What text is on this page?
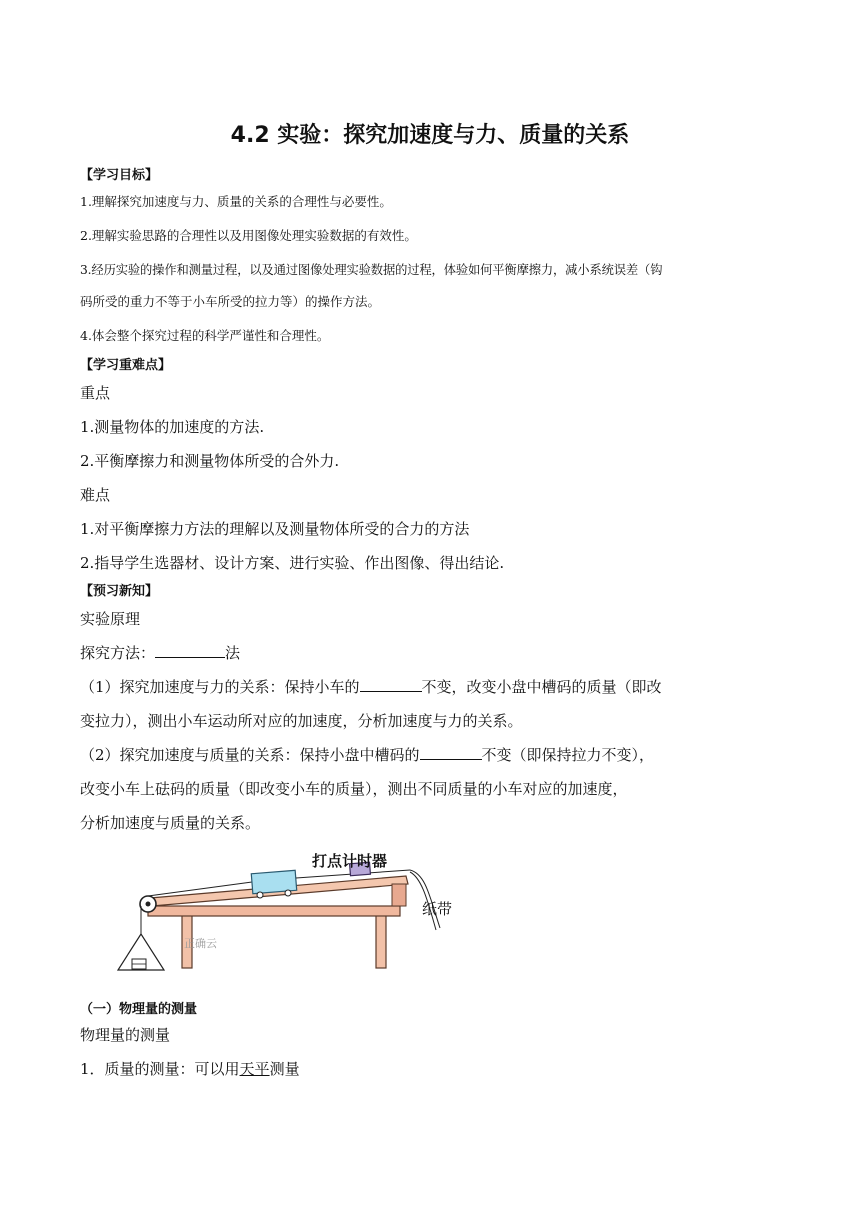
4.2 实验：探究加速度与力、质量的关系
【学习目标】
1.理解探究加速度与力、质量的关系的合理性与必要性。
2.理解实验思路的合理性以及用图像处理实验数据的有效性。
3.经历实验的操作和测量过程，以及通过图像处理实验数据的过程，体验如何平衡摩擦力，减小系统误差（钩
码所受的重力不等于小车所受的拉力等）的操作方法。
4.体会整个探究过程的科学严谨性和合理性。
【学习重难点】
重点
1.测量物体的加速度的方法.
2.平衡摩擦力和测量物体所受的合外力.
难点
1.对平衡摩擦力方法的理解以及测量物体所受的合力的方法
2.指导学生选器材、设计方案、进行实验、作出图像、得出结论.
【预习新知】
实验原理
探究方法：	法
（1）探究加速度与力的关系：保持小车的	不变，改变小盘中槽码的质量（即改
变拉力），测出小车运动所对应的加速度，分析加速度与力的关系。
（2）探究加速度与质量的关系：保持小盘中槽码的	不变（即保持拉力不变），
改变小车上砝码的质量（即改变小车的质量），测出不同质量的小车对应的加速度，
分析加速度与质量的关系。
打点计时器
纸带
正确云
（一）物理量的测量
物理量的测量
1．质量的测量：可以用天平测量
